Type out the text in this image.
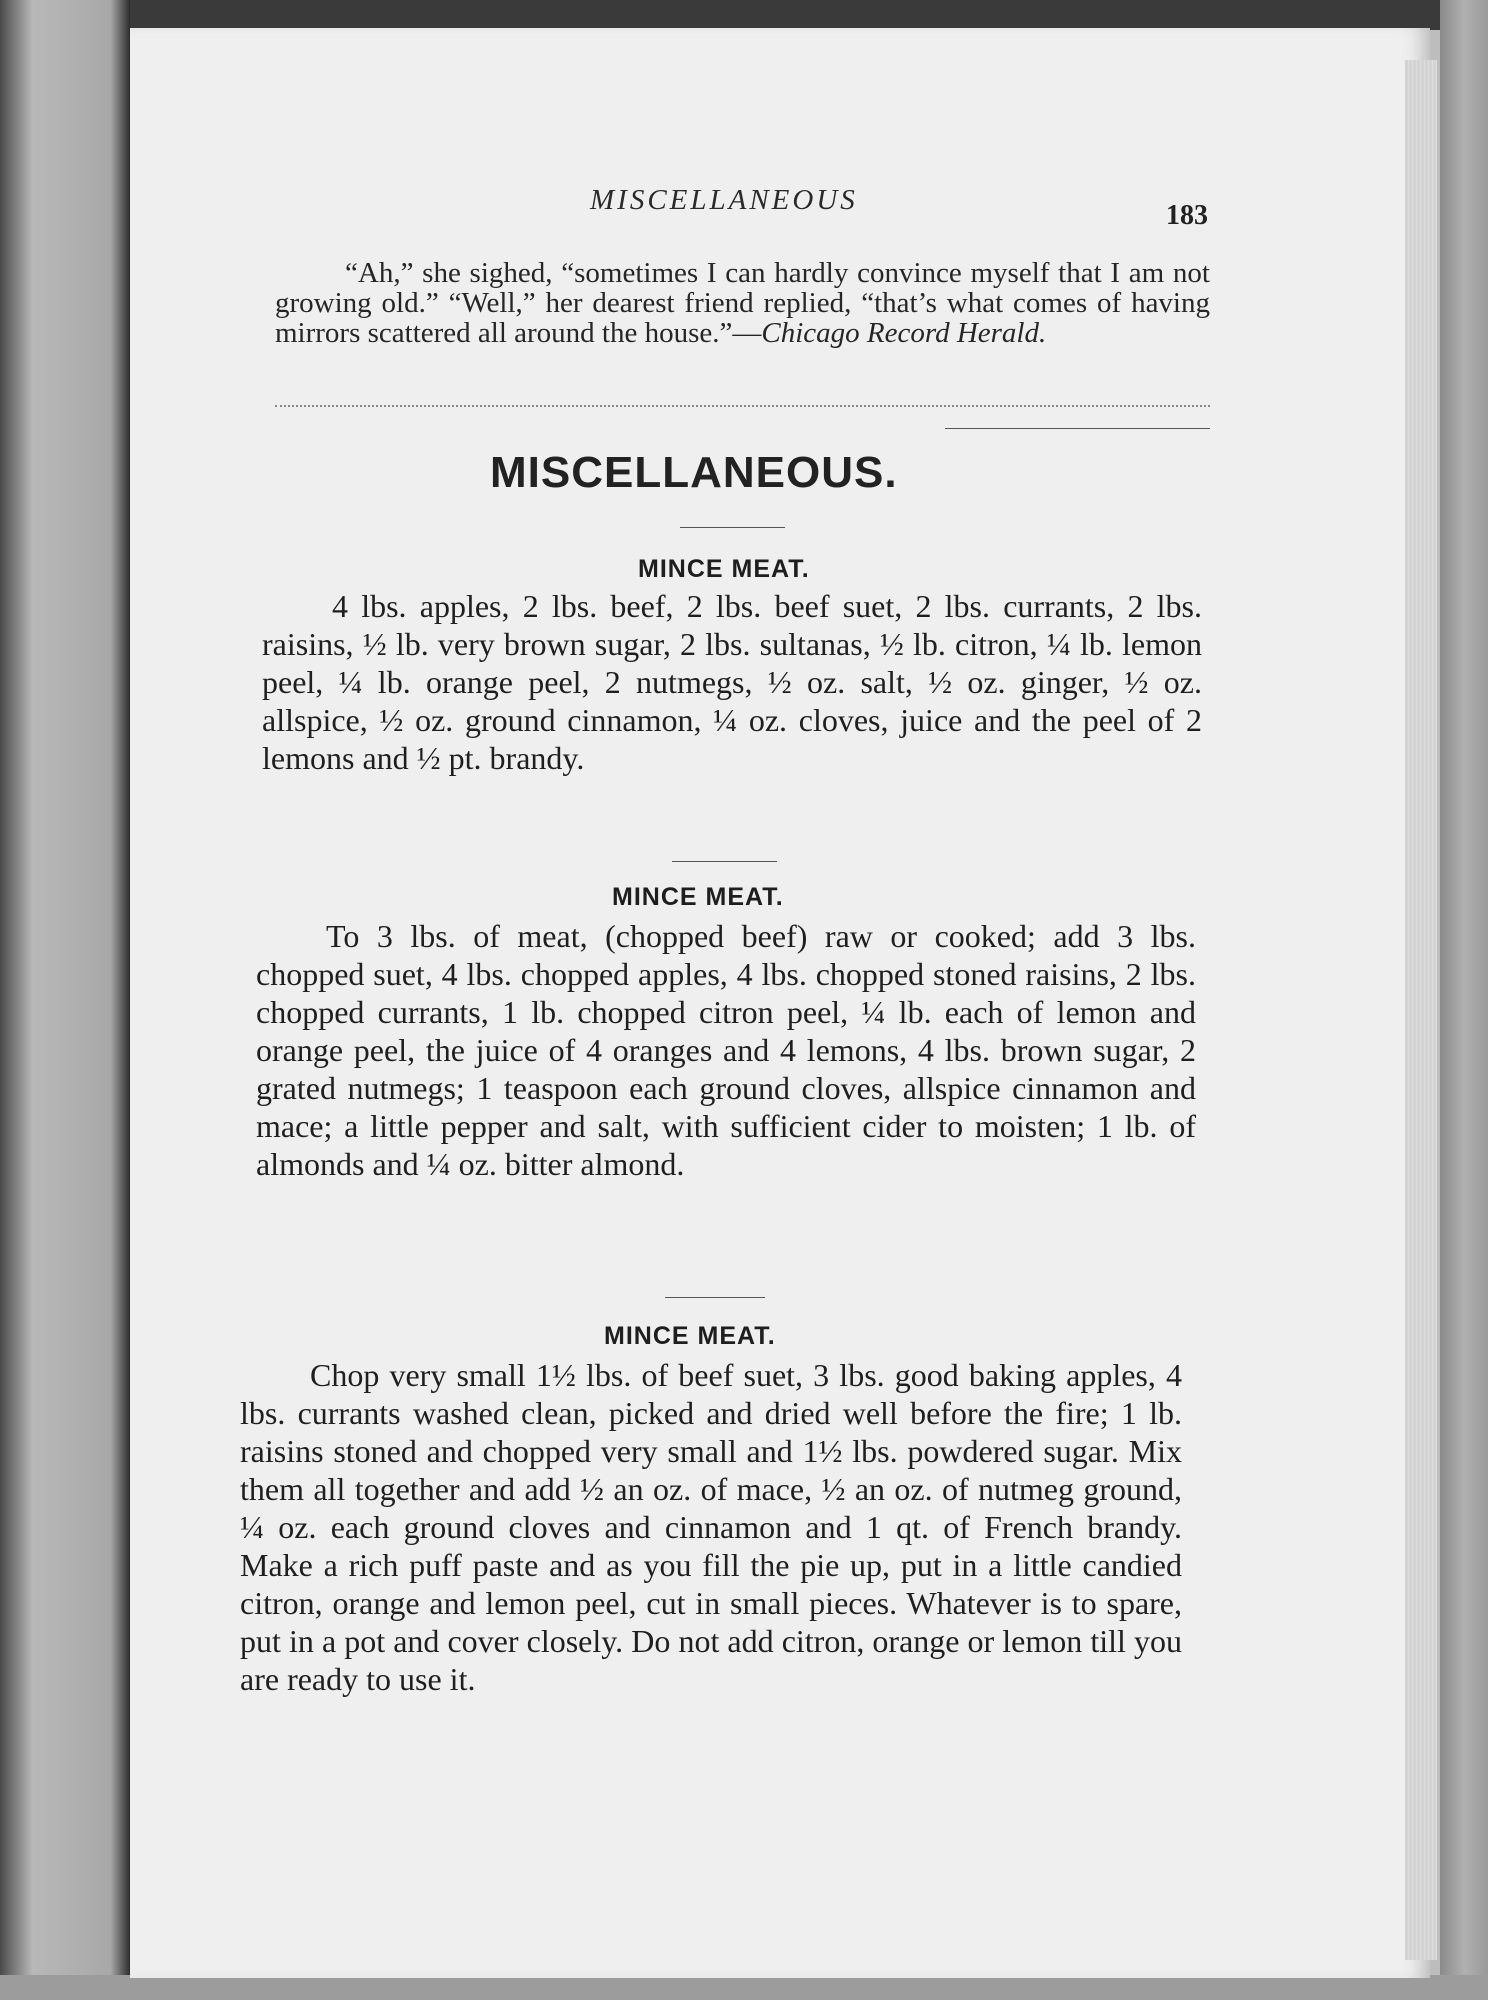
MISCELLANEOUS	183

“Ah,” she sighed, “sometimes I can hardly convince myself that I am not growing old.” “Well,” her dearest friend replied, “that’s what comes of having mirrors scattered all around the house.”—Chicago Record Herald.

MISCELLANEOUS.
MINCE MEAT.

4 lbs. apples, 2 lbs. beef, 2 lbs. beef suet, 2 lbs. currants, 2 lbs. raisins, ½ lb. very brown sugar, 2 lbs. sultanas, ½ lb. citron, ¼ lb. lemon peel, ¼ lb. orange peel, 2 nutmegs, ½ oz. salt, ½ oz. ginger, ½ oz. allspice, ½ oz. ground cinnamon, ¼ oz. cloves, juice and the peel of 2 lemons and ½ pt. brandy.

MINCE MEAT.

To 3 lbs. of meat, (chopped beef) raw or cooked; add 3 lbs. chopped suet, 4 lbs. chopped apples, 4 lbs. chopped stoned raisins, 2 lbs. chopped currants, 1 lb. chopped citron peel, ¼ lb. each of lemon and orange peel, the juice of 4 oranges and 4 lemons, 4 lbs. brown sugar, 2 grated nutmegs; 1 teaspoon each ground cloves, allspice cinnamon and mace; a little pepper and salt, with sufficient cider to moisten; 1 lb. of almonds and ¼ oz. bitter almond.

MINCE MEAT.

Chop very small 1½ lbs. of beef suet, 3 lbs. good baking apples, 4 lbs. currants washed clean, picked and dried well before the fire; 1 lb. raisins stoned and chopped very small and 1½ lbs. powdered sugar. Mix them all together and add ½ an oz. of mace, ½ an oz. of nutmeg ground, ¼ oz. each ground cloves and cinnamon and 1 qt. of French brandy. Make a rich puff paste and as you fill the pie up, put in a little candied citron, orange and lemon peel, cut in small pieces. Whatever is to spare, put in a pot and cover closely. Do not add citron, orange or lemon till you are ready to use it.
